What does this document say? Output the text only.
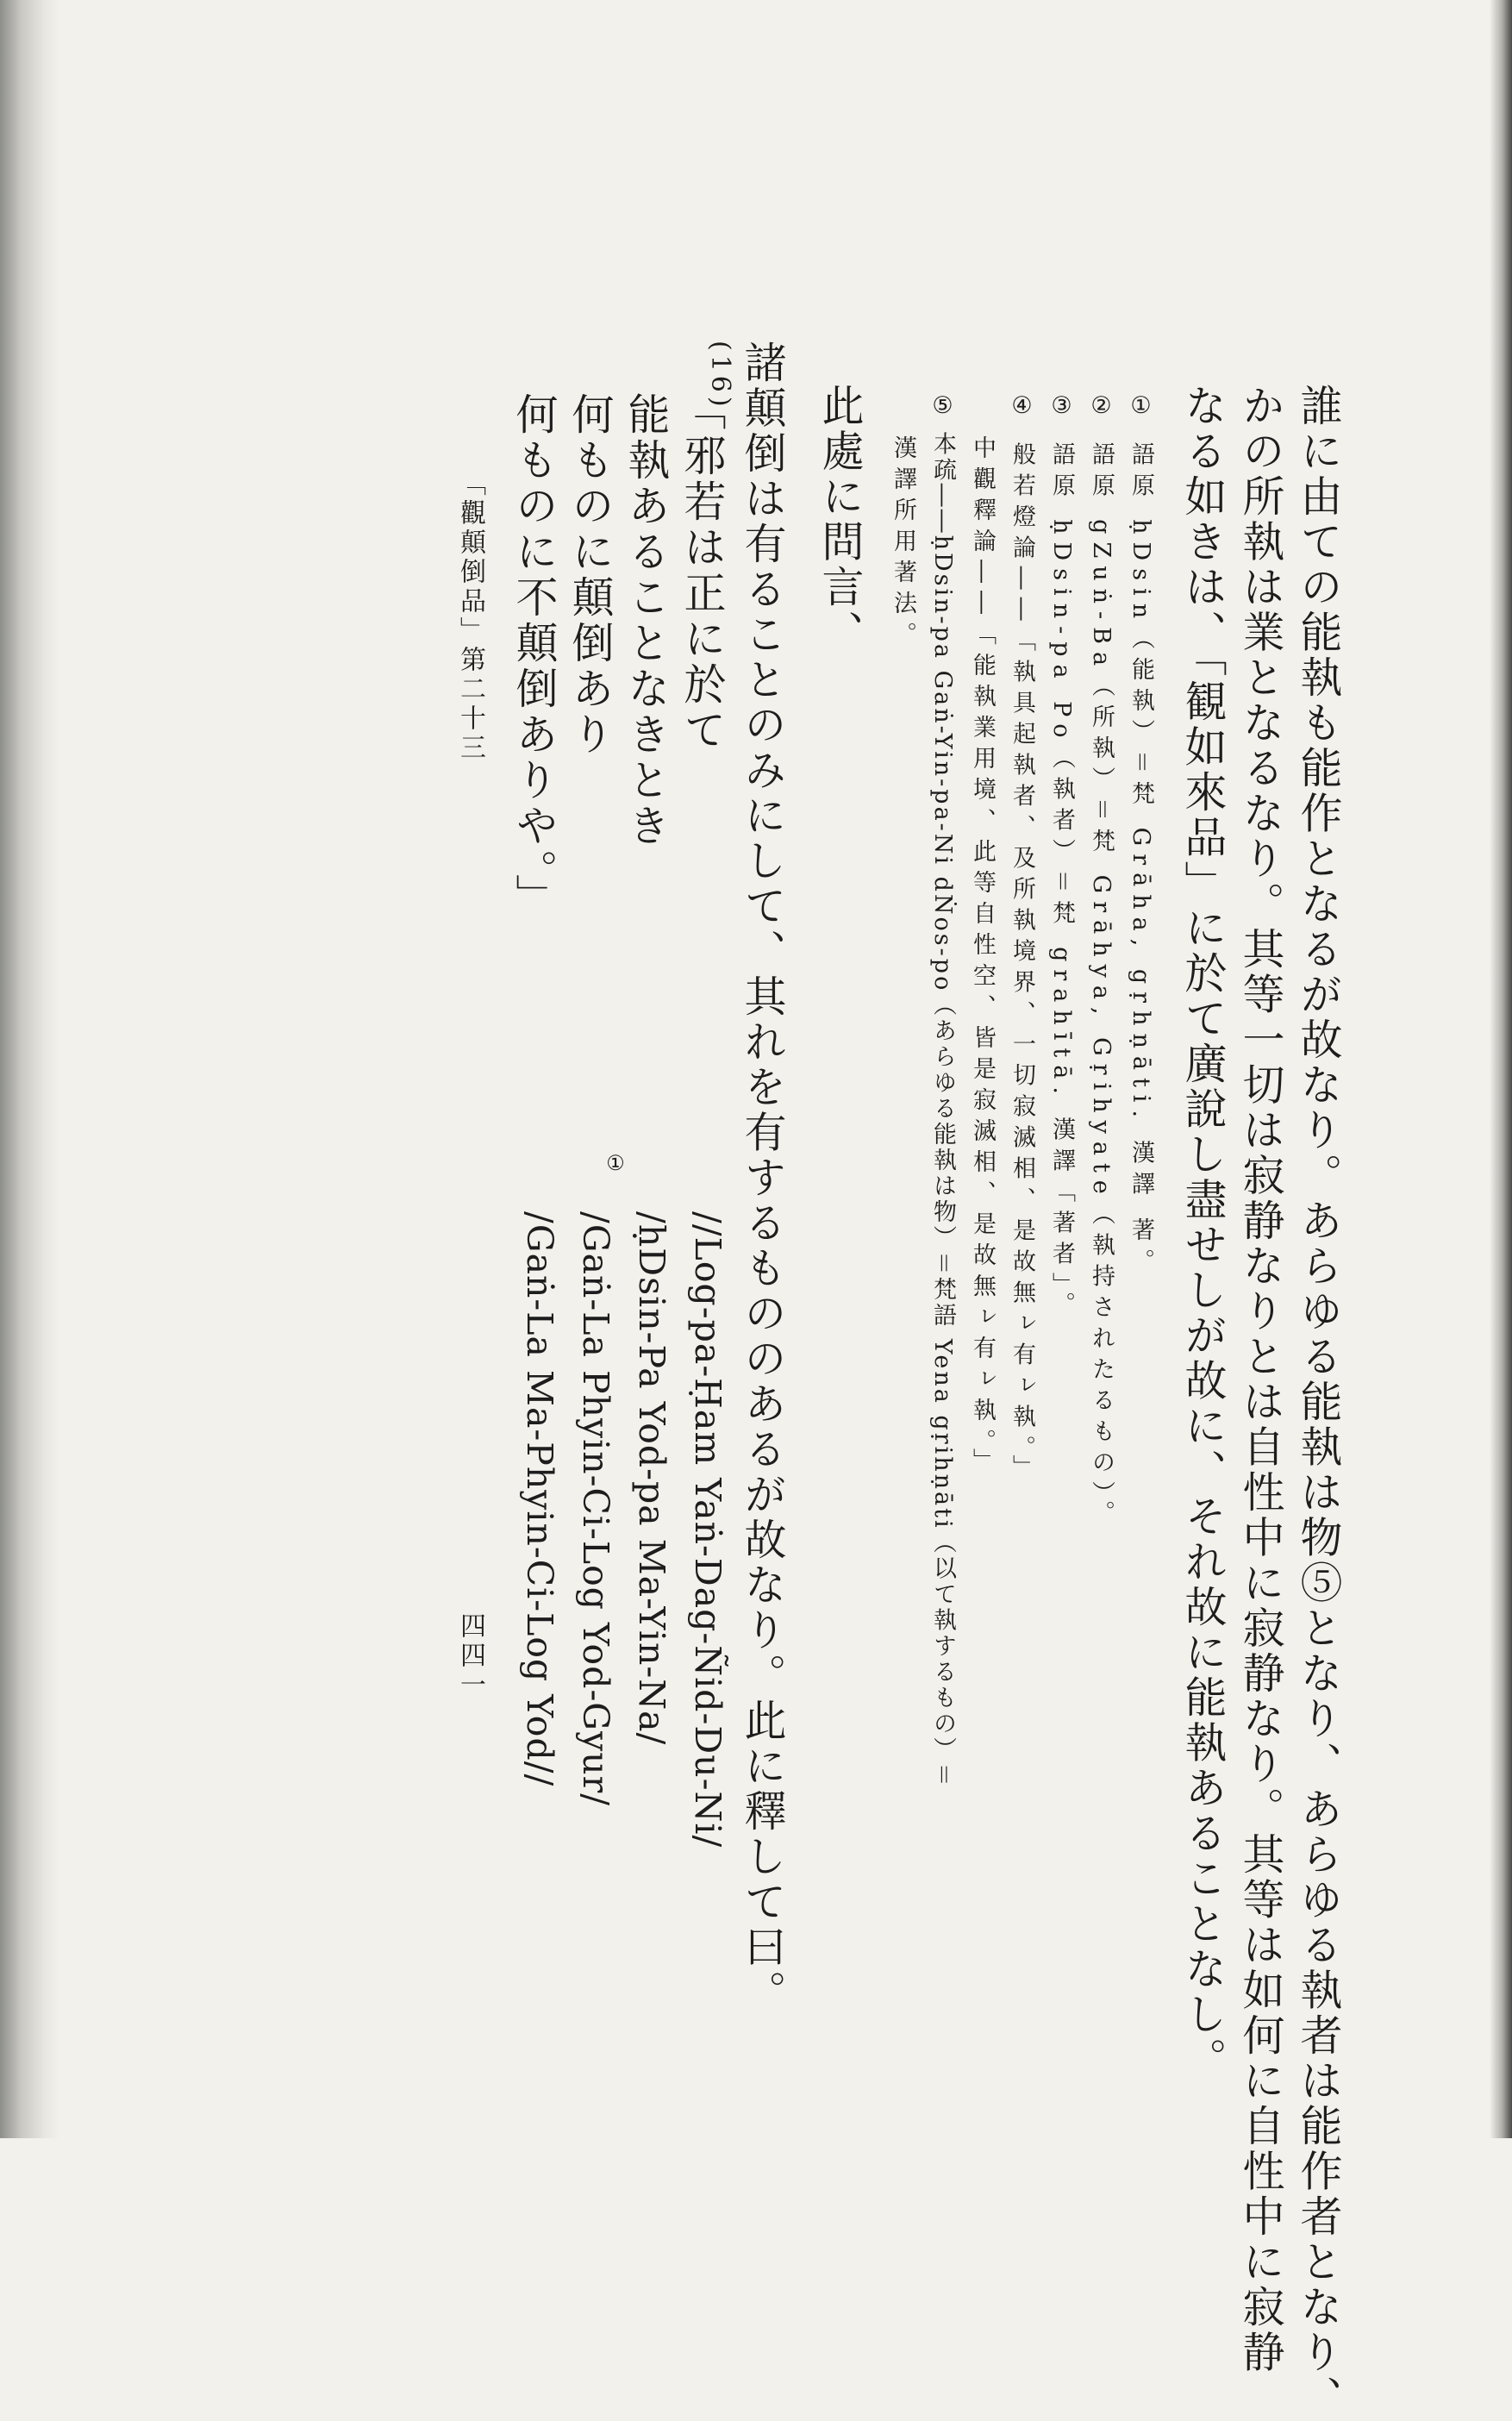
誰に由ての能執も能作となるが故なり。あらゆる能執は物⑤となり、あらゆる執者は能作者となり、
かの所執は業となるなり。其等一切は寂静なりとは自性中に寂静なり。其等は如何に自性中に寂静
なる如きは、「観如來品」に於て廣說し盡せしが故に、それ故に能執あることなし。
① 語原 ḥDsin（能執）＝梵 Grāha, gṛhṇāti. 漢譯 著。
② 語原 gZuṅ-Ba（所執）＝梵 Grāhya, Gṛihyate（執持されたるもの）。
③ 語原 ḥDsin-pa Po（執者）＝梵 grahītā. 漢譯「著者」。
④ 般若燈論――「執具起執者、及所執境界、一切寂滅相、是故無ㇾ有ㇾ執。」
中觀釋論――「能執業用境、此等自性空、皆是寂滅相、是故無ㇾ有ㇾ執。」
⑤ 本疏――ḥDsin-pa Gaṅ-Yin-pa-Ni dṄos-po（あらゆる能執は物）＝梵語 Yena gṛihṇāti（以て執するもの）＝
漢譯所用著法。
此處に問言、
諸顛倒は有ることのみにして、其れを有するもののあるが故なり。此に釋して曰。
(16)
「邪若は正に於て
能執あることなきとき
何ものに顛倒あり
何ものに不顛倒ありや。」
//Log-pa-Ḥam Yaṅ-Dag-Ñid-Du-Ni/
/ḥDsin-Pa Yod-pa Ma-Yin-Na/
①
/Gaṅ-La Phyin-Ci-Log Yod-Gyur/
/Gaṅ-La Ma-Phyin-Ci-Log Yod//
「觀顛倒品」第二十三
四四一
